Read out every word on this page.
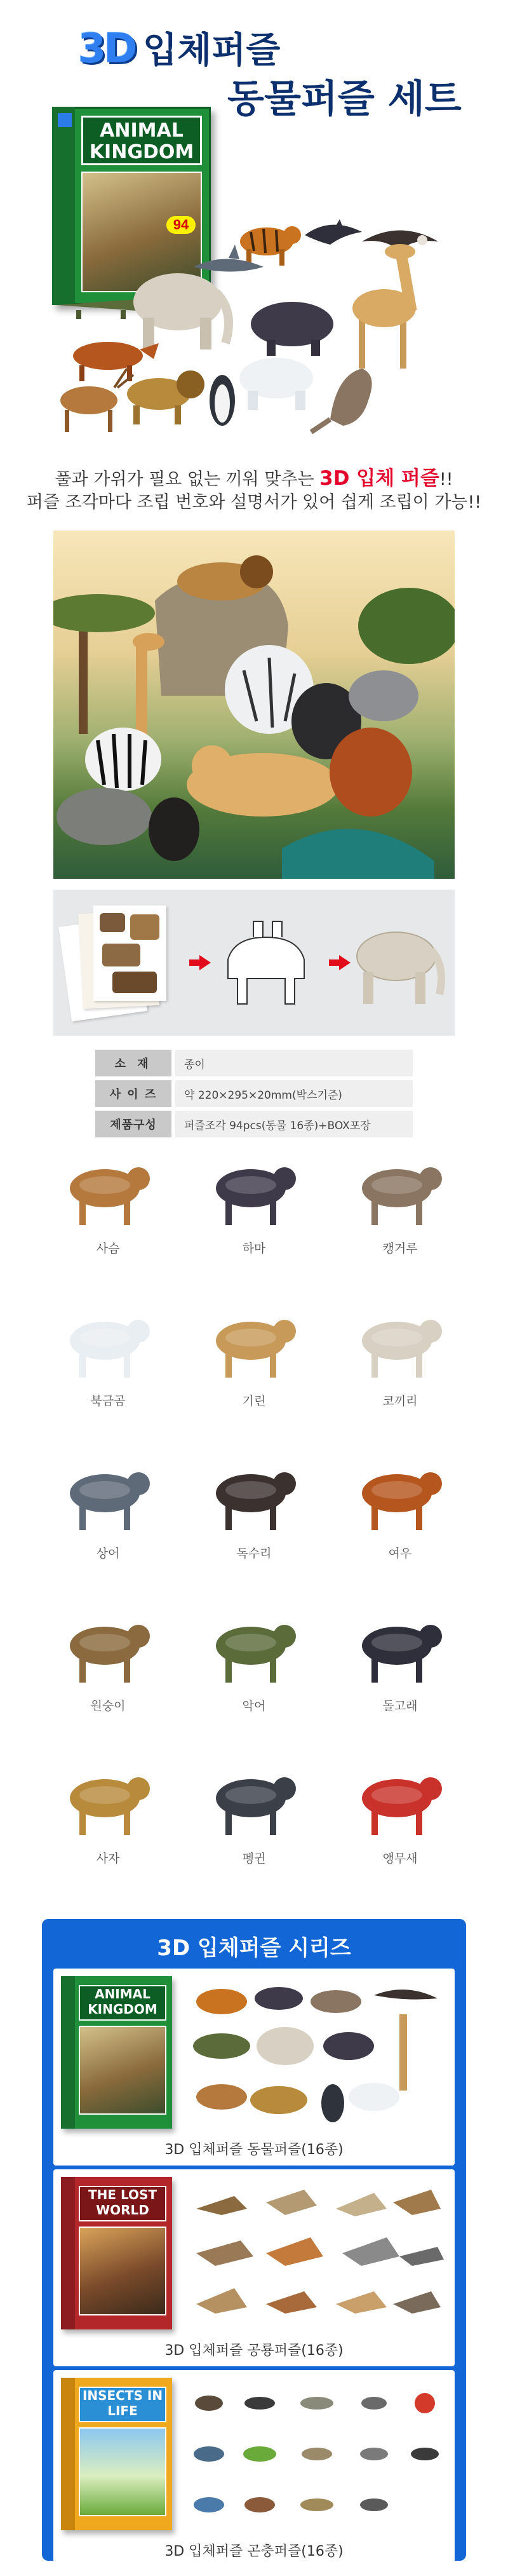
3D 입체퍼즐
동물퍼즐 세트
ANIMAL KINGDOM
94
풀과 가위가 필요 없는 끼워 맞추는 3D 입체 퍼즐!!
퍼즐 조각마다 조립 번호와 설명서가 있어 쉽게 조립이 가능!!
소 재	종이
사 이 즈	약 220×295×20mm(박스기준)
제품구성	퍼즐조각 94pcs(동물 16종)+BOX포장
사슴	하마	캥거루
북금곰	기린	코끼리
상어	독수리	여우
원숭이	악어	돌고래
사자	펭귄	앵무새
3D 입체퍼즐 시리즈
ANIMAL KINGDOM
3D 입체퍼즐 동물퍼즐(16종)
THE LOST WORLD
3D 입체퍼즐 공룡퍼즐(16종)
INSECTS IN LIFE
3D 입체퍼즐 곤충퍼즐(16종)
